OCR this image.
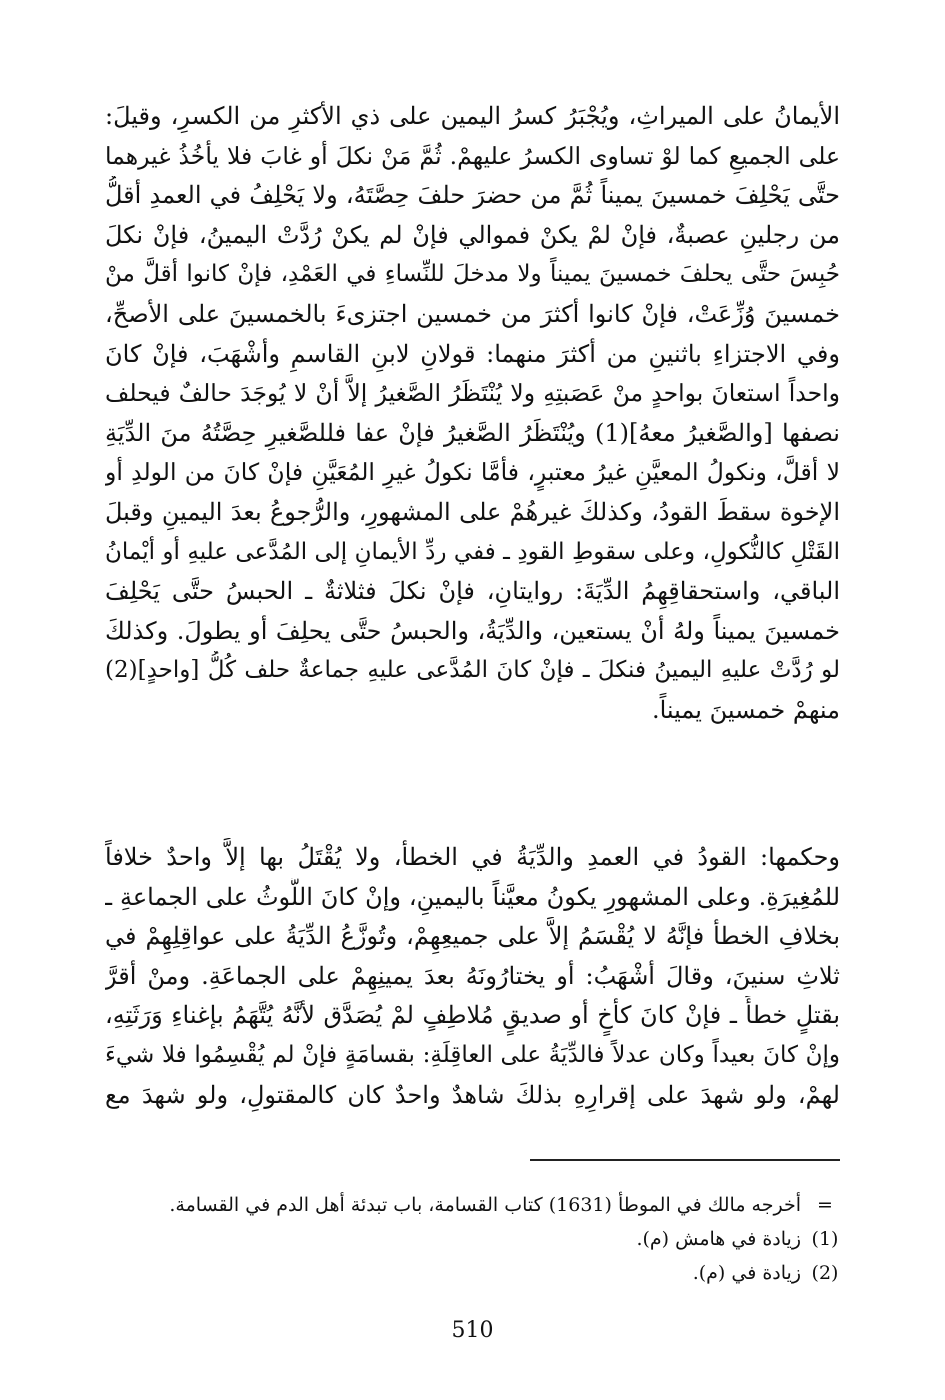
الأيمانُ على الميراثِ، ويُجْبَرُ كسرُ اليمين على ذي الأكثرِ من الكسرِ، وقيلَ:
على الجميعِ كما لوْ تساوى الكسرُ عليهمْ. ثُمَّ مَنْ نكلَ أو غابَ فلا يأخُذُ غيرهما
حتَّى يَحْلِفَ خمسينَ يميناً ثُمَّ من حضرَ حلفَ حِصَّتَهُ، ولا يَحْلِفُ في العمدِ أقلُّ
من رجلينِ عصبةٌ، فإنْ لمْ يكنْ فموالي فإنْ لم يكنْ رُدَّتْ اليمينُ، فإنْ نكلَ
حُبِسَ حتَّى يحلفَ خمسينَ يميناً ولا مدخلَ للنِّساءِ في العَمْدِ، فإنْ كانوا أقلَّ منْ
خمسينَ وُزِّعَتْ، فإنْ كانوا أكثرَ من خمسين اجتزىءَ بالخمسينَ على الأصحِّ،
وفي الاجتزاءِ باثنينِ من أكثرَ منهما: قولانِ لابنِ القاسمِ وأشْهَبَ، فإنْ كانَ
واحداً استعانَ بواحدٍ منْ عَصَبتِهِ ولا يُنْتَظَرُ الصَّغيرُ إلاَّ أنْ لا يُوجَدَ حالفٌ فيحلف
نصفها [والصَّغيرُ معهُ](1) ويُنْتَظَرُ الصَّغيرُ فإنْ عفا فللصَّغيرِ حِصَّتُهُ منَ الدِّيَةِ
لا أقلَّ، ونكولُ المعيَّنِ غيرُ معتبرٍ، فأمَّا نكولُ غيرِ المُعَيَّنِ فإنْ كانَ من الولدِ أو
الإخوة سقطَ القودُ، وكذلكَ غيرهُمْ على المشهورِ، والرُّجوعُ بعدَ اليمينِ وقبلَ
القَتْلِ كالنُّكولِ، وعلى سقوطِ القودِ ـ ففي ردِّ الأيمانِ إلى المُدَّعى عليهِ أو أيْمانُ
الباقي، واستحقاقِهِمُ الدِّيَةَ: روايتانِ، فإنْ نكلَ فثلاثةٌ ـ الحبسُ حتَّى يَحْلِفَ
خمسينَ يميناً ولهُ أنْ يستعين، والدِّيَةُ، والحبسُ حتَّى يحلِفَ أو يطولَ. وكذلكَ
لو رُدَّتْ عليهِ اليمينُ فنكلَ ـ فإنْ كانَ المُدَّعى عليهِ جماعةٌ حلف كُلُّ [واحدٍ](2)
منهمْ خمسينَ يميناً.
وحكمها: القودُ في العمدِ والدِّيَةُ في الخطأ، ولا يُقْتَلُ بها إلاَّ واحدٌ خلافاً
للمُغِيرَةِ. وعلى المشهورِ يكونُ معيَّناً باليمينِ، وإنْ كانَ اللَّوثُ على الجماعةِ ـ
بخلافِ الخطأ فإنَّهُ لا يُقْسَمُ إلاَّ على جميعِهِمْ، وتُوزَّعُ الدِّيَةُ على عواقِلِهِمْ في
ثلاثِ سنينَ، وقالَ أشْهَبُ: أو يختارُونَهُ بعدَ يمينِهِمْ على الجماعَةِ. ومنْ أقرَّ
بقتلٍ خطأً ـ فإنْ كانَ كأخٍ أو صديقٍ مُلاطِفٍ لمْ يُصَدَّق لأنَّهُ يُتَّهَمُ بإغناءِ وَرَثَتِهِ،
وإنْ كانَ بعيداً وكان عدلاً فالدِّيَةُ على العاقِلَةِ: بقسامَةٍ فإنْ لم يُقْسِمُوا فلا شيءَ
لهمْ، ولو شهدَ على إقرارِهِ بذلكَ شاهدٌ واحدٌ كان كالمقتولِ، ولو شهدَ مع
=
أخرجه مالك في الموطأ (1631) كتاب القسامة، باب تبدئة أهل الدم في القسامة.
(1)
زيادة في هامش (م).
(2)
زيادة في (م).
510
